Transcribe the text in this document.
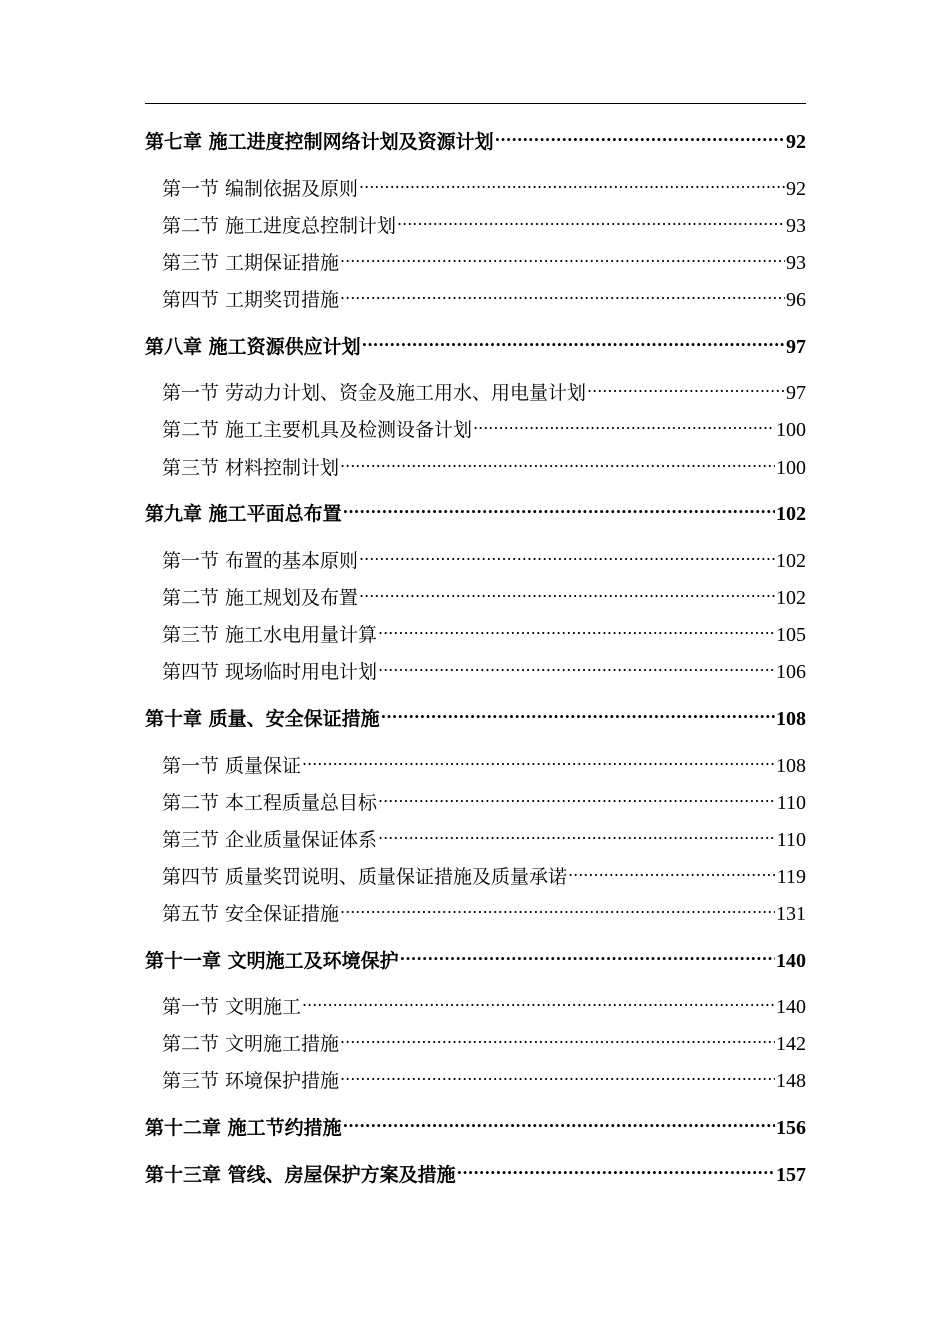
第七章 施工进度控制网络计划及资源计划 .....	92
第一节 编制依据及原则 .....	92
第二节 施工进度总控制计划 .....	93
第三节 工期保证措施 .....	93
第四节 工期奖罚措施 .....	96
第八章 施工资源供应计划 .....	97
第一节 劳动力计划、资金及施工用水、用电量计划 .....	97
第二节 施工主要机具及检测设备计划 .....	100
第三节 材料控制计划 .....	100
第九章 施工平面总布置 .....	102
第一节 布置的基本原则 .....	102
第二节 施工规划及布置 .....	102
第三节 施工水电用量计算 .....	105
第四节 现场临时用电计划 .....	106
第十章 质量、安全保证措施 .....	108
第一节 质量保证 .....	108
第二节 本工程质量总目标 .....	110
第三节 企业质量保证体系 .....	110
第四节 质量奖罚说明、质量保证措施及质量承诺 .....	119
第五节 安全保证措施 .....	131
第十一章 文明施工及环境保护 .....	140
第一节 文明施工 .....	140
第二节 文明施工措施 .....	142
第三节 环境保护措施 .....	148
第十二章 施工节约措施 .....	156
第十三章 管线、房屋保护方案及措施 .....	157
